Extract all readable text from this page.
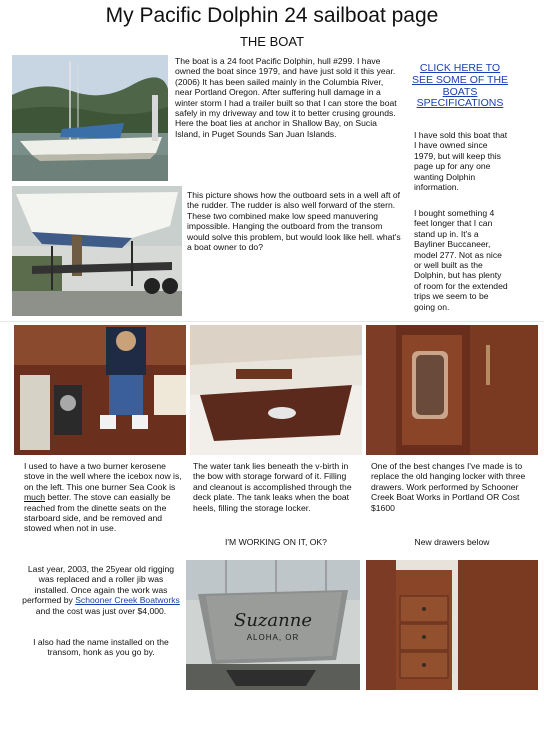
My Pacific Dolphin 24 sailboat page
THE BOAT
The boat is a 24 foot Pacific Dolphin, hull #299. I have owned the boat since 1979, and have just sold it this year. (2006) It has been sailed mainly in the Columbia River, near Portland Oregon. After suffering hull damage in a winter storm I had a trailer built so that I can store the boat safely in my driveway and tow it to better crusing grounds. Here the boat lies at anchor in Shallow Bay, on Sucia Island, in Puget Sounds San Juan Islands.
CLICK HERE TO SEE SOME OF THE BOATS SPECIFICATIONS
I have sold this boat that I have owned since 1979, but will keep this page up for any one wanting Dolphin information.
I bought something 4 feet longer that I can stand up in. It's a Bayliner Buccaneer, model 277. Not as nice or well built as the Dolphin, but has plenty of room for the extended trips we seem to be going on.
This picture shows how the outboard sets in a well aft of the rudder. The rudder is also well forward of the stern. These two combined make low speed manuvering impossible. Hanging the outboard from the transom would solve this problem, but would look like hell. what's a boat owner to do?
I used to have a two burner kerosene stove in the well where the icebox now is, on the left. This one burner Sea Cook is much better. The stove can easially be reached from the dinette seats on the starboard side, and be removed and stowed when not in use.
The water tank lies beneath the v-birth in the bow with storage forward of it. Filling and cleanout is accomplished through the deck plate. The tank leaks when the boat heels, filling the storage locker.
One of the best changes I've made is to replace the old hanging locker with three drawers. Work performed by Schooner Creek Boat Works in Portland OR Cost $1600
I'M WORKING ON IT, OK?	New drawers below
Last year, 2003, the 25year old rigging was replaced and a roller jib was installed. Once again the work was performed by Schooner Creek Boatworks and the cost was just over $4,000.
I also had the name installed on the transom, honk as you go by.
Suzanne
ALOHA, OR
